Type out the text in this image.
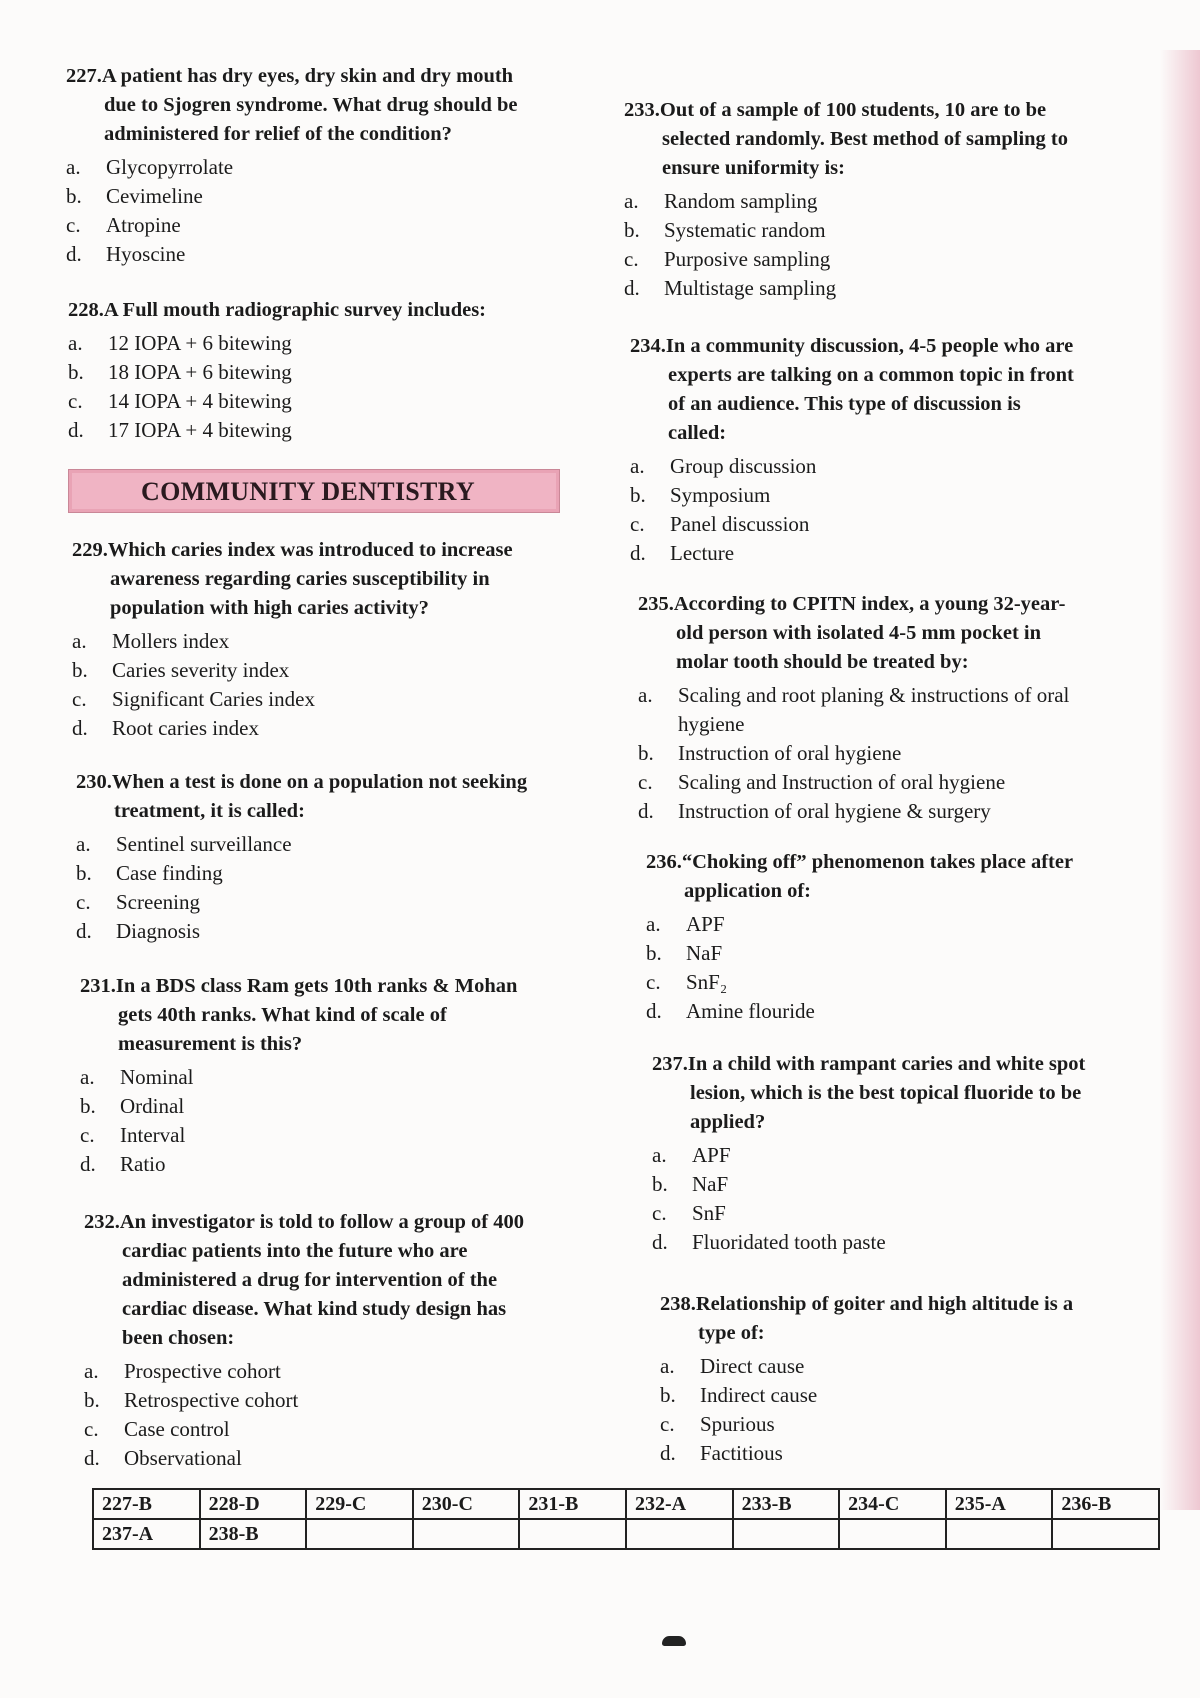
227.A patient has dry eyes, dry skin and dry mouth
due to Sjogren syndrome. What drug should be
administered for relief of the condition?
a.	Glycopyrrolate
b.	Cevimeline
c.	Atropine
d.	Hyoscine
228.A Full mouth radiographic survey includes:
a.	12 IOPA + 6 bitewing
b.	18 IOPA + 6 bitewing
c.	14 IOPA + 4 bitewing
d.	17 IOPA + 4 bitewing
COMMUNITY DENTISTRY
229.Which caries index was introduced to increase
awareness regarding caries susceptibility in
population with high caries activity?
a.	Mollers index
b.	Caries severity index
c.	Significant Caries index
d.	Root caries index
230.When a test is done on a population not seeking
treatment, it is called:
a.	Sentinel surveillance
b.	Case finding
c.	Screening
d.	Diagnosis
231.In a BDS class Ram gets 10th ranks & Mohan
gets 40th ranks. What kind of scale of
measurement is this?
a.	Nominal
b.	Ordinal
c.	Interval
d.	Ratio
232.An investigator is told to follow a group of 400
cardiac patients into the future who are
administered a drug for intervention of the
cardiac disease. What kind study design has
been chosen:
a.	Prospective cohort
b.	Retrospective cohort
c.	Case control
d.	Observational
233.Out of a sample of 100 students, 10 are to be
selected randomly. Best method of sampling to
ensure uniformity is:
a.	Random sampling
b.	Systematic random
c.	Purposive sampling
d.	Multistage sampling
234.In a community discussion, 4-5 people who are
experts are talking on a common topic in front
of an audience. This type of discussion is
called:
a.	Group discussion
b.	Symposium
c.	Panel discussion
d.	Lecture
235.According to CPITN index, a young 32-year-
old person with isolated 4-5 mm pocket in
molar tooth should be treated by:
a.	Scaling and root planing & instructions of oral hygiene
b.	Instruction of oral hygiene
c.	Scaling and Instruction of oral hygiene
d.	Instruction of oral hygiene & surgery
236.“Choking off” phenomenon takes place after
application of:
a.	APF
b.	NaF
c.	SnF₂
d.	Amine flouride
237.In a child with rampant caries and white spot
lesion, which is the best topical fluoride to be
applied?
a.	APF
b.	NaF
c.	SnF
d.	Fluoridated tooth paste
238.Relationship of goiter and high altitude is a
type of:
a.	Direct cause
b.	Indirect cause
c.	Spurious
d.	Factitious
227-B	228-D	229-C	230-C	231-B	232-A	233-B	234-C	235-A	236-B
237-A	238-B								
